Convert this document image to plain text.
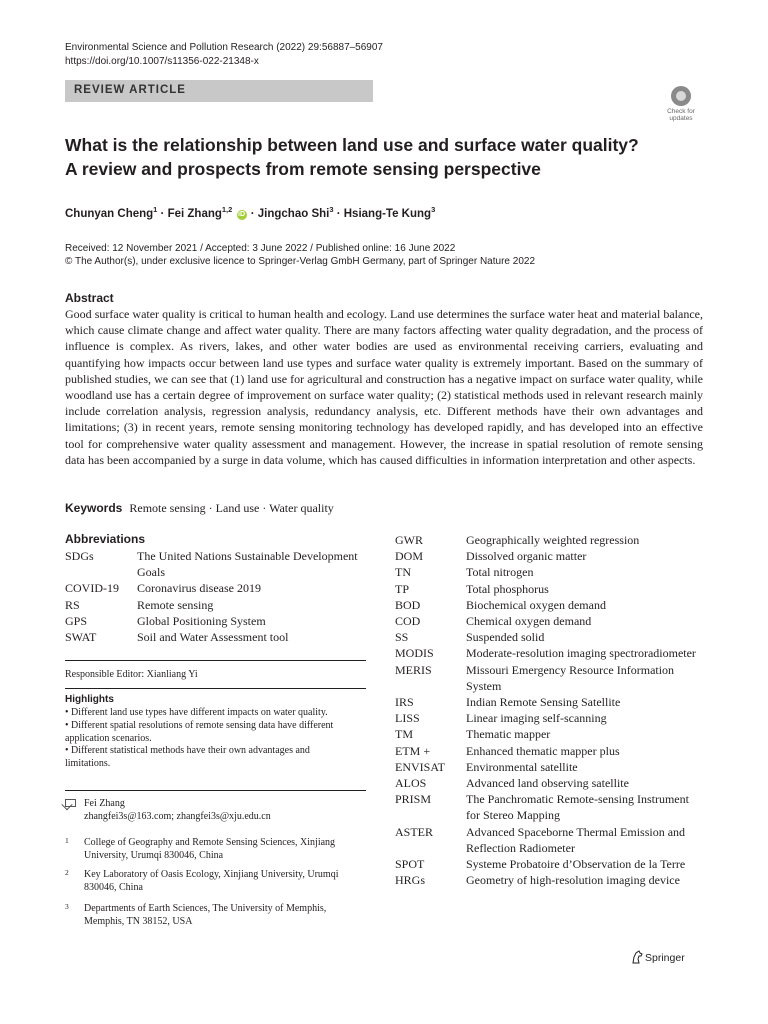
Environmental Science and Pollution Research (2022) 29:56887–56907
https://doi.org/10.1007/s11356-022-21348-x
REVIEW ARTICLE
Check for
updates
What is the relationship between land use and surface water quality?
A review and prospects from remote sensing perspective
Chunyan Cheng$^1$ · Fei Zhang$^{1,2}$ iD · Jingchao Shi$^3$ · Hsiang-Te Kung$^3$
Received: 12 November 2021 / Accepted: 3 June 2022 / Published online: 16 June 2022
© The Author(s), under exclusive licence to Springer-Verlag GmbH Germany, part of Springer Nature 2022
Abstract
Good surface water quality is critical to human health and ecology. Land use determines the surface water heat and material balance, which cause climate change and affect water quality. There are many factors affecting water quality degradation, and the process of influence is complex. As rivers, lakes, and other water bodies are used as environmental receiving carriers, evaluating and quantifying how impacts occur between land use types and surface water quality is extremely important. Based on the summary of published studies, we can see that (1) land use for agricultural and construction has a negative impact on surface water quality, while woodland use has a certain degree of improvement on surface water quality; (2) statistical methods used in relevant research mainly include correlation analysis, regression analysis, redundancy analysis, etc. Different methods have their own advantages and limitations; (3) in recent years, remote sensing monitoring technology has developed rapidly, and has developed into an effective tool for comprehensive water quality assessment and management. However, the increase in spatial resolution of remote sensing data has been accompanied by a surge in data volume, which has caused difficulties in information interpretation and other aspects.
Keywords Remote sensing · Land use · Water quality
Abbreviations
SDGs	The United Nations Sustainable Development Goals
COVID-19	Coronavirus disease 2019
RS	Remote sensing
GPS	Global Positioning System
SWAT	Soil and Water Assessment tool
GWR	Geographically weighted regression
DOM	Dissolved organic matter
TN	Total nitrogen
TP	Total phosphorus
BOD	Biochemical oxygen demand
COD	Chemical oxygen demand
SS	Suspended solid
MODIS	Moderate-resolution imaging spectroradiometer
MERIS	Missouri Emergency Resource Information System
IRS	Indian Remote Sensing Satellite
LISS	Linear imaging self-scanning
TM	Thematic mapper
ETM +	Enhanced thematic mapper plus
ENVISAT	Environmental satellite
ALOS	Advanced land observing satellite
PRISM	The Panchromatic Remote-sensing Instrument for Stereo Mapping
ASTER	Advanced Spaceborne Thermal Emission and Reflection Radiometer
SPOT	Systeme Probatoire d’Observation de la Terre
HRGs	Geometry of high-resolution imaging device
Responsible Editor: Xianliang Yi
Highlights
• Different land use types have different impacts on water quality.
• Different spatial resolutions of remote sensing data have different application scenarios.
• Different statistical methods have their own advantages and limitations.
Fei Zhang
zhangfei3s@163.com; zhangfei3s@xju.edu.cn
1 College of Geography and Remote Sensing Sciences, Xinjiang University, Urumqi 830046, China
2 Key Laboratory of Oasis Ecology, Xinjiang University, Urumqi 830046, China
3 Departments of Earth Sciences, The University of Memphis, Memphis, TN 38152, USA
Springer
